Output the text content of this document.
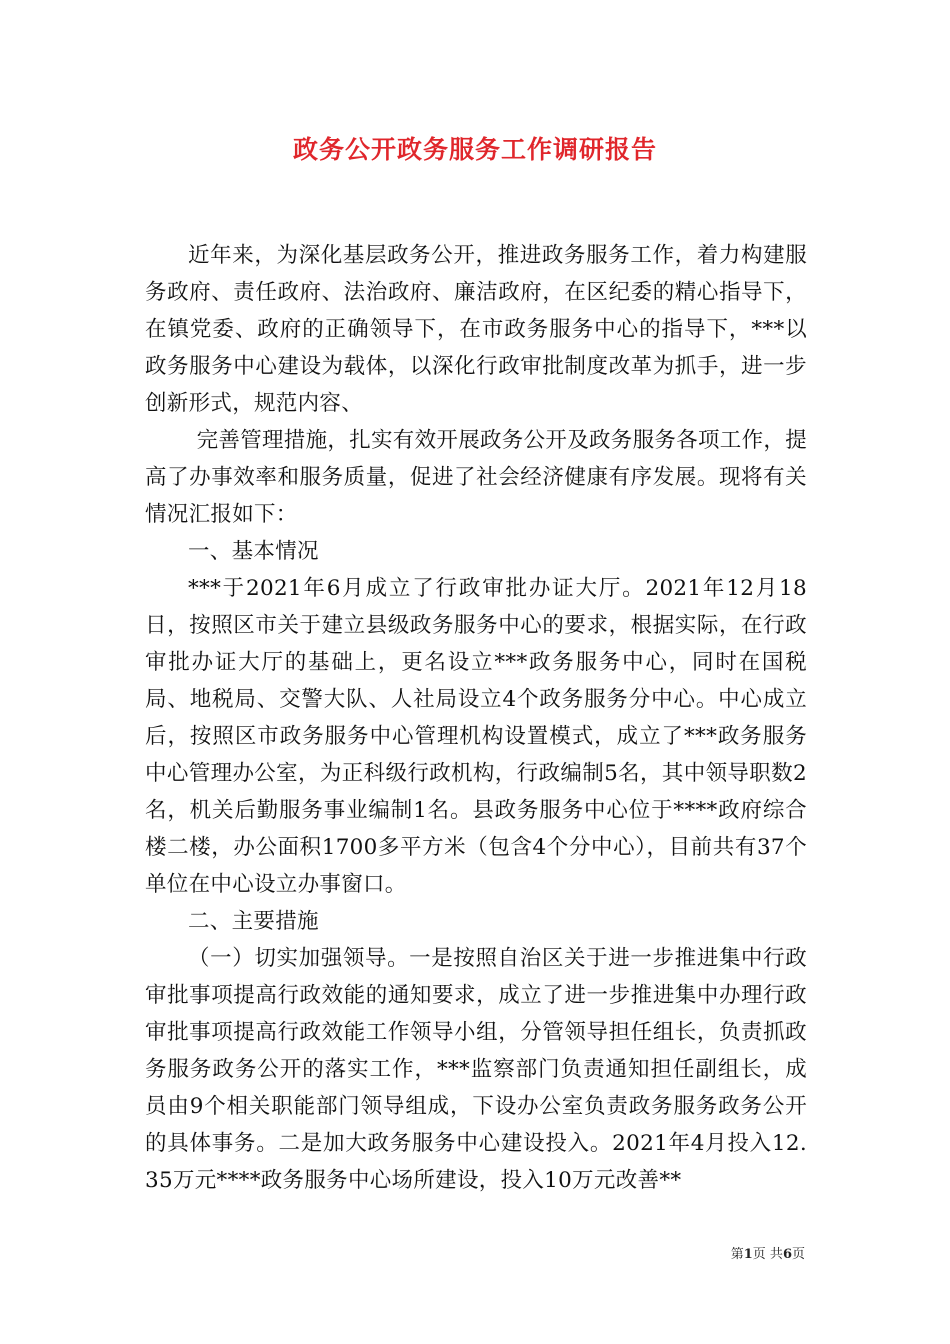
政务公开政务服务工作调研报告

近年来，为深化基层政务公开，推进政务服务工作，着力构建服务政府、责任政府、法治政府、廉洁政府，在区纪委的精心指导下，在镇党委、政府的正确领导下，在市政务服务中心的指导下，***以政务服务中心建设为载体，以深化行政审批制度改革为抓手，进一步创新形式，规范内容、

完善管理措施，扎实有效开展政务公开及政务服务各项工作，提高了办事效率和服务质量，促进了社会经济健康有序发展。现将有关情况汇报如下：

一、基本情况

***于2021年6月成立了行政审批办证大厅。2021年12月18日，按照区市关于建立县级政务服务中心的要求，根据实际，在行政审批办证大厅的基础上，更名设立***政务服务中心，同时在国税局、地税局、交警大队、人社局设立4个政务服务分中心。中心成立后，按照区市政务服务中心管理机构设置模式，成立了***政务服务中心管理办公室，为正科级行政机构，行政编制5名，其中领导职数2名，机关后勤服务事业编制1名。县政务服务中心位于****政府综合楼二楼，办公面积1700多平方米（包含4个分中心），目前共有37个单位在中心设立办事窗口。

二、主要措施

（一）切实加强领导。一是按照自治区关于进一步推进集中行政审批事项提高行政效能的通知要求，成立了进一步推进集中办理行政审批事项提高行政效能工作领导小组，分管领导担任组长，负责抓政务服务政务公开的落实工作，***监察部门负责通知担任副组长，成员由9个相关职能部门领导组成，下设办公室负责政务服务政务公开的具体事务。二是加大政务服务中心建设投入。2021年4月投入12.35万元****政务服务中心场所建设，投入10万元改善**

第1页 共6页
